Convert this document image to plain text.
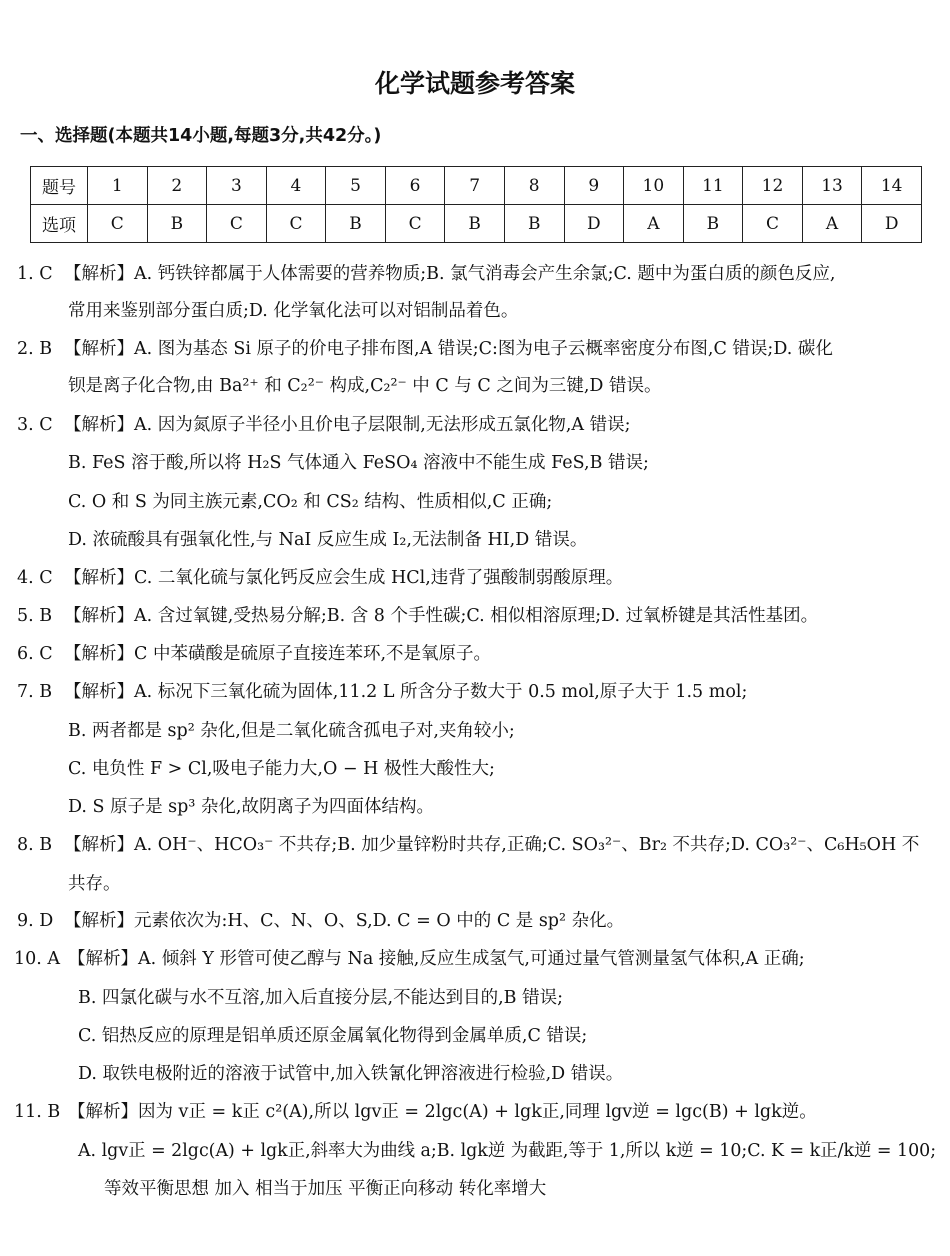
化学试题参考答案
一、选择题(本题共14小题,每题3分,共42分。)
题号	1	2	3	4	5	6	7	8	9	10	11	12	13	14
选项	C	B	C	C	B	C	B	B	D	A	B	C	A	D
1. C 【解析】A. 钙铁锌都属于人体需要的营养物质;B. 氯气消毒会产生余氯;C. 题中为蛋白质的颜色反应,
常用来鉴别部分蛋白质;D. 化学氧化法可以对铝制品着色。
2. B 【解析】A. 图为基态 Si 原子的价电子排布图,A 错误;C:图为电子云概率密度分布图,C 错误;D. 碳化
钡是离子化合物,由 Ba²⁺ 和 C₂²⁻ 构成,C₂²⁻ 中 C 与 C 之间为三键,D 错误。
3. C 【解析】A. 因为氮原子半径小且价电子层限制,无法形成五氯化物,A 错误;
B. FeS 溶于酸,所以将 H₂S 气体通入 FeSO₄ 溶液中不能生成 FeS,B 错误;
C. O 和 S 为同主族元素,CO₂ 和 CS₂ 结构、性质相似,C 正确;
D. 浓硫酸具有强氧化性,与 NaI 反应生成 I₂,无法制备 HI,D 错误。
4. C 【解析】C. 二氧化硫与氯化钙反应会生成 HCl,违背了强酸制弱酸原理。
5. B 【解析】A. 含过氧键,受热易分解;B. 含 8 个手性碳;C. 相似相溶原理;D. 过氧桥键是其活性基团。
6. C 【解析】C 中苯磺酸是硫原子直接连苯环,不是氧原子。
7. B 【解析】A. 标况下三氧化硫为固体,11.2 L 所含分子数大于 0.5 mol,原子大于 1.5 mol;
B. 两者都是 sp² 杂化,但是二氧化硫含孤电子对,夹角较小;
C. 电负性 F > Cl,吸电子能力大,O − H 极性大酸性大;
D. S 原子是 sp³ 杂化,故阴离子为四面体结构。
8. B 【解析】A. OH⁻、HCO₃⁻ 不共存;B. 加少量锌粉时共存,正确;C. SO₃²⁻、Br₂ 不共存;D. CO₃²⁻、C₆H₅OH 不
共存。
9. D 【解析】元素依次为:H、C、N、O、S,D. C = O 中的 C 是 sp² 杂化。
10. A 【解析】A. 倾斜 Y 形管可使乙醇与 Na 接触,反应生成氢气,可通过量气管测量氢气体积,A 正确;
B. 四氯化碳与水不互溶,加入后直接分层,不能达到目的,B 错误;
C. 铝热反应的原理是铝单质还原金属氧化物得到金属单质,C 错误;
D. 取铁电极附近的溶液于试管中,加入铁氰化钾溶液进行检验,D 错误。
11. B 【解析】因为 v正 = k正 c²(A),所以 lgv正 = 2lgc(A) + lgk正,同理 lgv逆 = lgc(B) + lgk逆。
A. lgv正 = 2lgc(A) + lgk正,斜率大为曲线 a;B. lgk逆 为截距,等于 1,所以 k逆 = 10;C. K = k正/k逆 = 100;
等效平衡思想 加入 相当于加压 平衡正向移动 转化率增大
